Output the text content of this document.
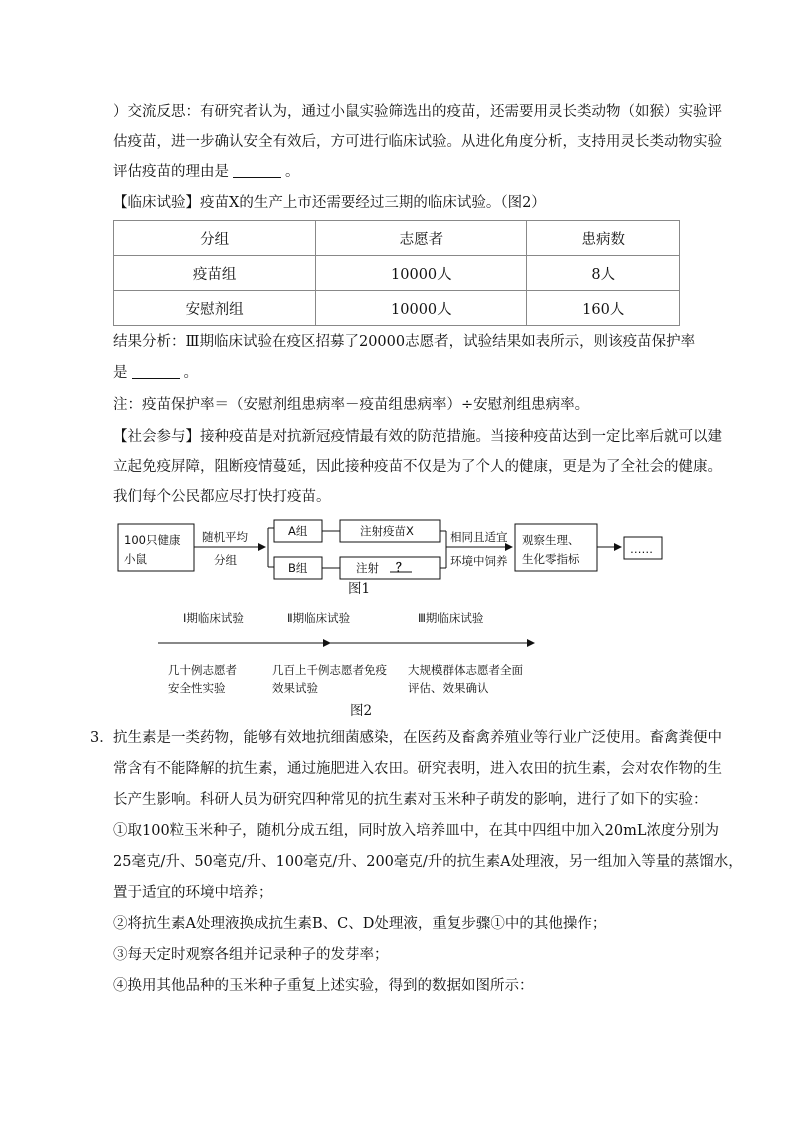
）交流反思：有研究者认为，通过小鼠实验筛选出的疫苗，还需要用灵长类动物（如猴）实验评
估疫苗，进一步确认安全有效后，方可进行临床试验。从进化角度分析，支持用灵长类动物实验
评估疫苗的理由是	。
【临床试验】疫苗X的生产上市还需要经过三期的临床试验。（图2）
分组	志愿者	患病数
疫苗组	10000人	8人
安慰剂组	10000人	160人
结果分析：Ⅲ期临床试验在疫区招募了20000志愿者，试验结果如表所示，则该疫苗保护率
是	。
注：疫苗保护率＝（安慰剂组患病率－疫苗组患病率）÷安慰剂组患病率。
【社会参与】接种疫苗是对抗新冠疫情最有效的防范措施。当接种疫苗达到一定比率后就可以建
立起免疫屏障，阻断疫情蔓延，因此接种疫苗不仅是为了个人的健康，更是为了全社会的健康。
我们每个公民都应尽打快打疫苗。
100只健康
小鼠
随机平均
分组
A组
B组
注射疫苗X
注射 ？
相同且适宜
环境中饲养
观察生理、
生化零指标
……
图1
Ⅰ期临床试验	Ⅱ期临床试验	Ⅲ期临床试验
几十例志愿者
安全性实验
几百上千例志愿者免疫
效果试验
大规模群体志愿者全面
评估、效果确认
图2
3． 抗生素是一类药物，能够有效地抗细菌感染，在医药及畜禽养殖业等行业广泛使用。畜禽粪便中
常含有不能降解的抗生素，通过施肥进入农田。研究表明，进入农田的抗生素，会对农作物的生
长产生影响。科研人员为研究四种常见的抗生素对玉米种子萌发的影响，进行了如下的实验：
①取100粒玉米种子，随机分成五组，同时放入培养皿中，在其中四组中加入20mL浓度分别为
25毫克/升、50毫克/升、100毫克/升、200毫克/升的抗生素A处理液，另一组加入等量的蒸馏水，
置于适宜的环境中培养；
②将抗生素A处理液换成抗生素B、C、D处理液，重复步骤①中的其他操作；
③每天定时观察各组并记录种子的发芽率；
④换用其他品种的玉米种子重复上述实验，得到的数据如图所示：
